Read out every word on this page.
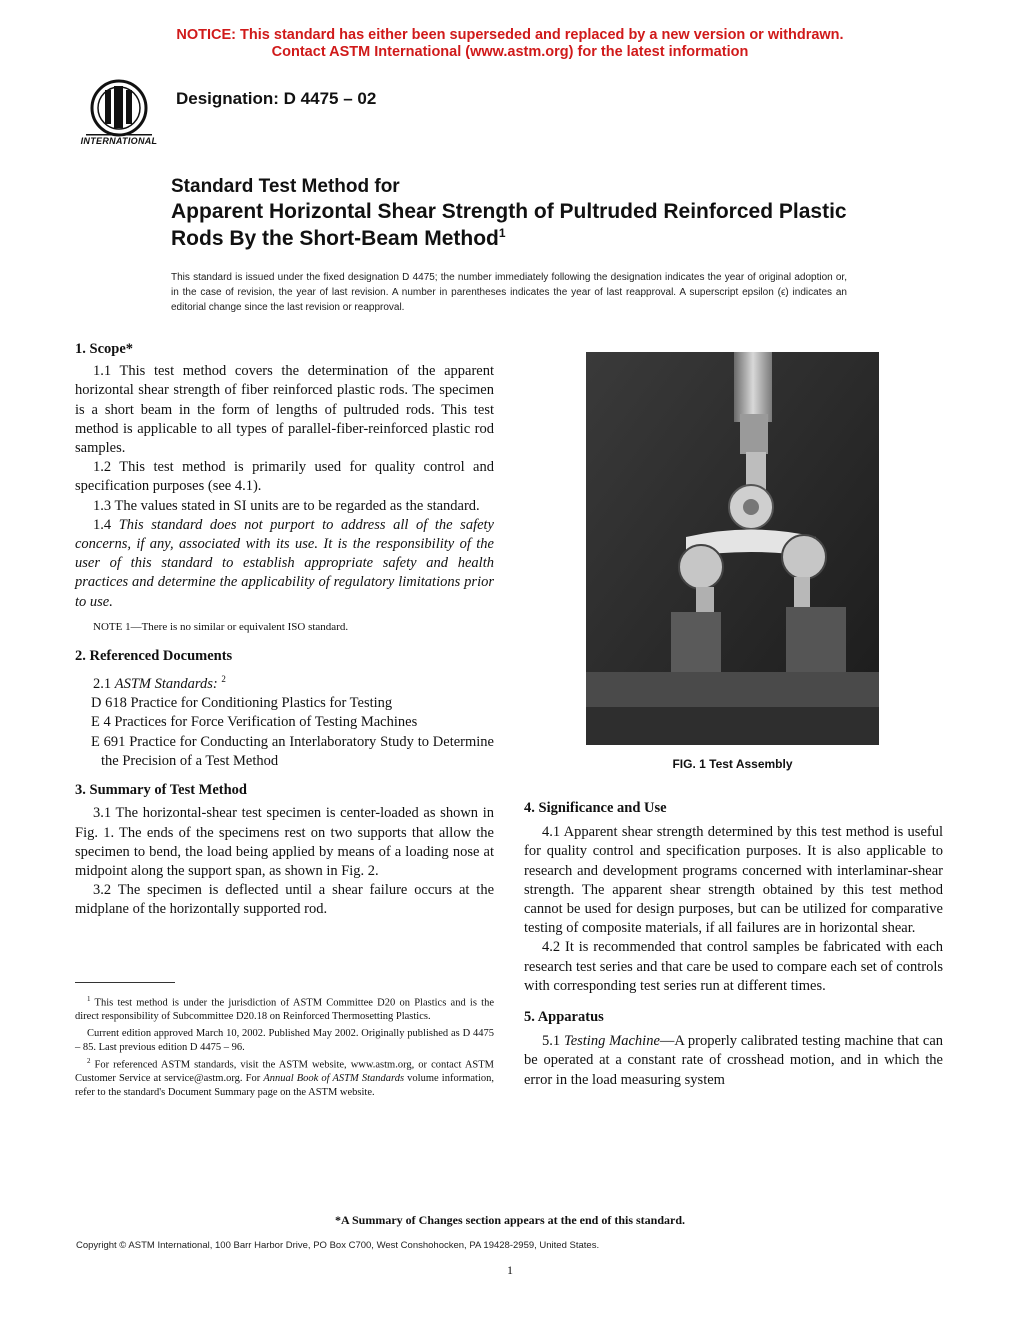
NOTICE: This standard has either been superseded and replaced by a new version or withdrawn.
Contact ASTM International (www.astm.org) for the latest information
INTERNATIONAL
Designation: D 4475 – 02
Standard Test Method for
Apparent Horizontal Shear Strength of Pultruded Reinforced Plastic Rods By the Short-Beam Method$^1$
This standard is issued under the fixed designation D 4475; the number immediately following the designation indicates the year of original adoption or, in the case of revision, the year of last revision. A number in parentheses indicates the year of last reapproval. A superscript epsilon (ϵ) indicates an editorial change since the last revision or reapproval.
1. Scope*

1.1 This test method covers the determination of the apparent horizontal shear strength of fiber reinforced plastic rods. The specimen is a short beam in the form of lengths of pultruded rods. This test method is applicable to all types of parallel-fiber-reinforced plastic rod samples.

1.2 This test method is primarily used for quality control and specification purposes (see 4.1).

1.3 The values stated in SI units are to be regarded as the standard.

1.4 This standard does not purport to address all of the safety concerns, if any, associated with its use. It is the responsibility of the user of this standard to establish appropriate safety and health practices and determine the applicability of regulatory limitations prior to use.

NOTE 1—There is no similar or equivalent ISO standard.

2. Referenced Documents

2.1 ASTM Standards: $^2$

D 618 Practice for Conditioning Plastics for Testing

E 4 Practices for Force Verification of Testing Machines

E 691 Practice for Conducting an Interlaboratory Study to Determine the Precision of a Test Method

3. Summary of Test Method

3.1 The horizontal-shear test specimen is center-loaded as shown in Fig. 1. The ends of the specimens rest on two supports that allow the specimen to bend, the load being applied by means of a loading nose at midpoint along the support span, as shown in Fig. 2.

3.2 The specimen is deflected until a shear failure occurs at the midplane of the horizontally supported rod.

$^1$ This test method is under the jurisdiction of ASTM Committee D20 on Plastics and is the direct responsibility of Subcommittee D20.18 on Reinforced Thermosetting Plastics.

Current edition approved March 10, 2002. Published May 2002. Originally published as D 4475 – 85. Last previous edition D 4475 – 96.

$^2$ For referenced ASTM standards, visit the ASTM website, www.astm.org, or contact ASTM Customer Service at service@astm.org. For Annual Book of ASTM Standards volume information, refer to the standard's Document Summary page on the ASTM website.

FIG. 1 Test Assembly
4. Significance and Use

4.1 Apparent shear strength determined by this test method is useful for quality control and specification purposes. It is also applicable to research and development programs concerned with interlaminar-shear strength. The apparent shear strength obtained by this test method cannot be used for design purposes, but can be utilized for comparative testing of composite materials, if all failures are in horizontal shear.

4.2 It is recommended that control samples be fabricated with each research test series and that care be used to compare each set of controls with corresponding test series run at different times.

5. Apparatus

5.1 Testing Machine—A properly calibrated testing machine that can be operated at a constant rate of crosshead motion, and in which the error in the load measuring system

*A Summary of Changes section appears at the end of this standard.
Copyright © ASTM International, 100 Barr Harbor Drive, PO Box C700, West Conshohocken, PA 19428-2959, United States.
1
